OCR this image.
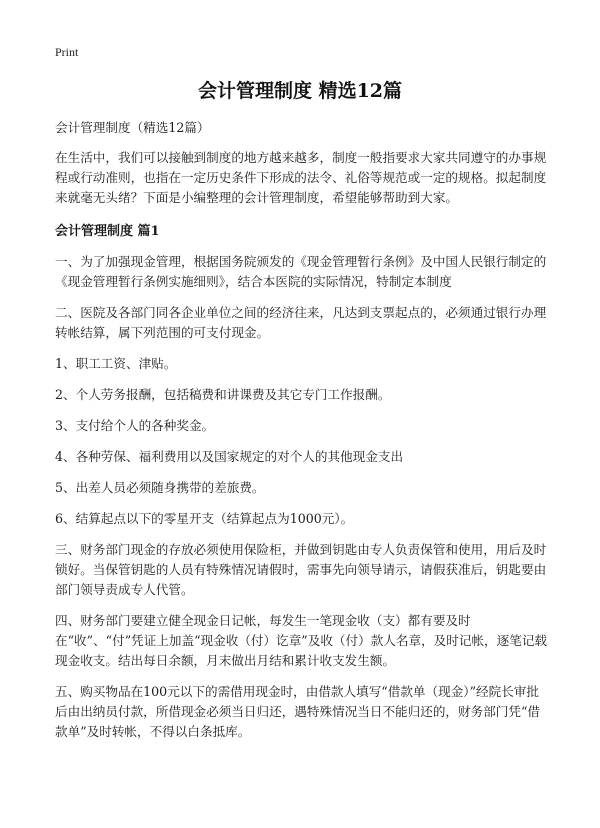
Print
会计管理制度 精选12篇

会计管理制度（精选12篇）

在生活中，我们可以接触到制度的地方越来越多，制度一般指要求大家共同遵守的办事规程或行动准则，也指在一定历史条件下形成的法令、礼俗等规范或一定的规格。拟起制度来就毫无头绪？下面是小编整理的会计管理制度，希望能够帮助到大家。

会计管理制度 篇1

一、为了加强现金管理，根据国务院颁发的《现金管理暂行条例》及中国人民银行制定的《现金管理暂行条例实施细则》，结合本医院的实际情况，特制定本制度

二、医院及各部门同各企业单位之间的经济往来，凡达到支票起点的，必须通过银行办理转帐结算，属下列范围的可支付现金。

1、职工工资、津贴。

2、个人劳务报酬，包括稿费和讲课费及其它专门工作报酬。

3、支付给个人的各种奖金。

4、各种劳保、福利费用以及国家规定的对个人的其他现金支出

5、出差人员必须随身携带的差旅费。

6、结算起点以下的零星开支（结算起点为1000元）。

三、财务部门现金的存放必须使用保险柜，并做到钥匙由专人负责保管和使用，用后及时锁好。当保管钥匙的人员有特殊情况请假时，需事先向领导请示，请假获准后，钥匙要由部门领导责成专人代管。

四、财务部门要建立健全现金日记帐，每发生一笔现金收（支）都有要及时在“收”、“付”凭证上加盖“现金收（付）讫章”及收（付）款人名章，及时记帐，逐笔记载现金收支。结出每日余额，月末做出月结和累计收支发生额。

五、购买物品在100元以下的需借用现金时，由借款人填写“借款单（现金）”经院长审批后由出纳员付款，所借现金必须当日归还，遇特殊情况当日不能归还的，财务部门凭“借款单”及时转帐，不得以白条抵库。
